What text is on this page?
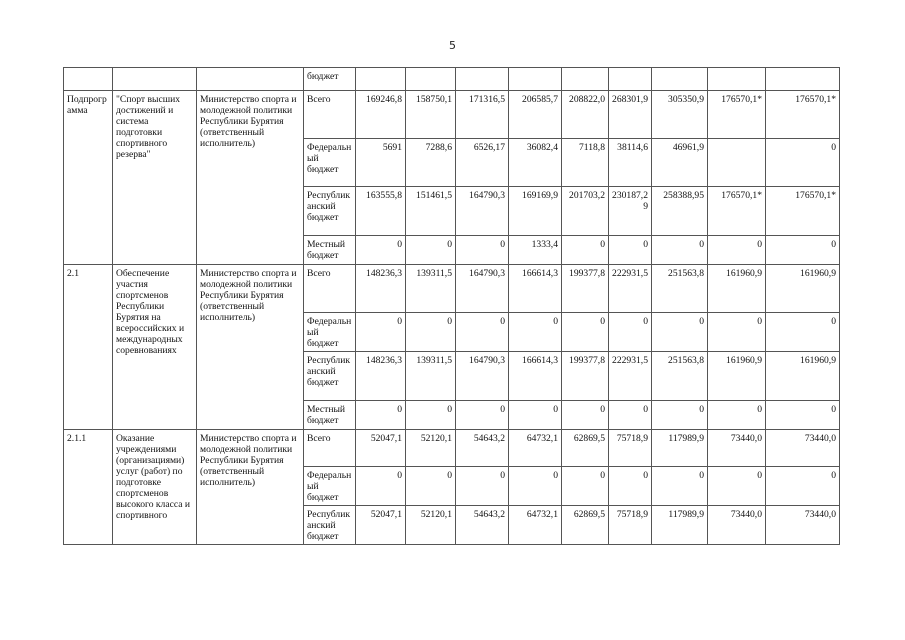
5
			бюджет									
Подпрограмма	"Спорт высших достижений и система подготовки спортивного резерва"	Министерство спорта и молодежной политики Республики Бурятия (ответственный исполнитель)	Всего	169246,8	158750,1	171316,5	206585,7	208822,0	268301,9	305350,9	176570,1*	176570,1*
			Федеральный бюджет	5691	7288,6	6526,17	36082,4	7118,8	38114,6	46961,9		0
			Республиканский бюджет	163555,8	151461,5	164790,3	169169,9	201703,2	230187,29	258388,95	176570,1*	176570,1*
			Местный бюджет	0	0	0	1333,4	0	0	0	0	0
2.1	Обеспечение участия спортсменов Республики Бурятия на всероссийских и международных соревнованиях	Министерство спорта и молодежной политики Республики Бурятия (ответственный исполнитель)	Всего	148236,3	139311,5	164790,3	166614,3	199377,8	222931,5	251563,8	161960,9	161960,9
			Федеральный бюджет	0	0	0	0	0	0	0	0	0
			Республиканский бюджет	148236,3	139311,5	164790,3	166614,3	199377,8	222931,5	251563,8	161960,9	161960,9
			Местный бюджет	0	0	0	0	0	0	0	0	0
2.1.1	Оказание учреждениями (организациями) услуг (работ) по подготовке спортсменов высокого класса и спортивного	Министерство спорта и молодежной политики Республики Бурятия (ответственный исполнитель)	Всего	52047,1	52120,1	54643,2	64732,1	62869,5	75718,9	117989,9	73440,0	73440,0
			Федеральный бюджет	0	0	0	0	0	0	0	0	0
			Республиканский бюджет	52047,1	52120,1	54643,2	64732,1	62869,5	75718,9	117989,9	73440,0	73440,0
